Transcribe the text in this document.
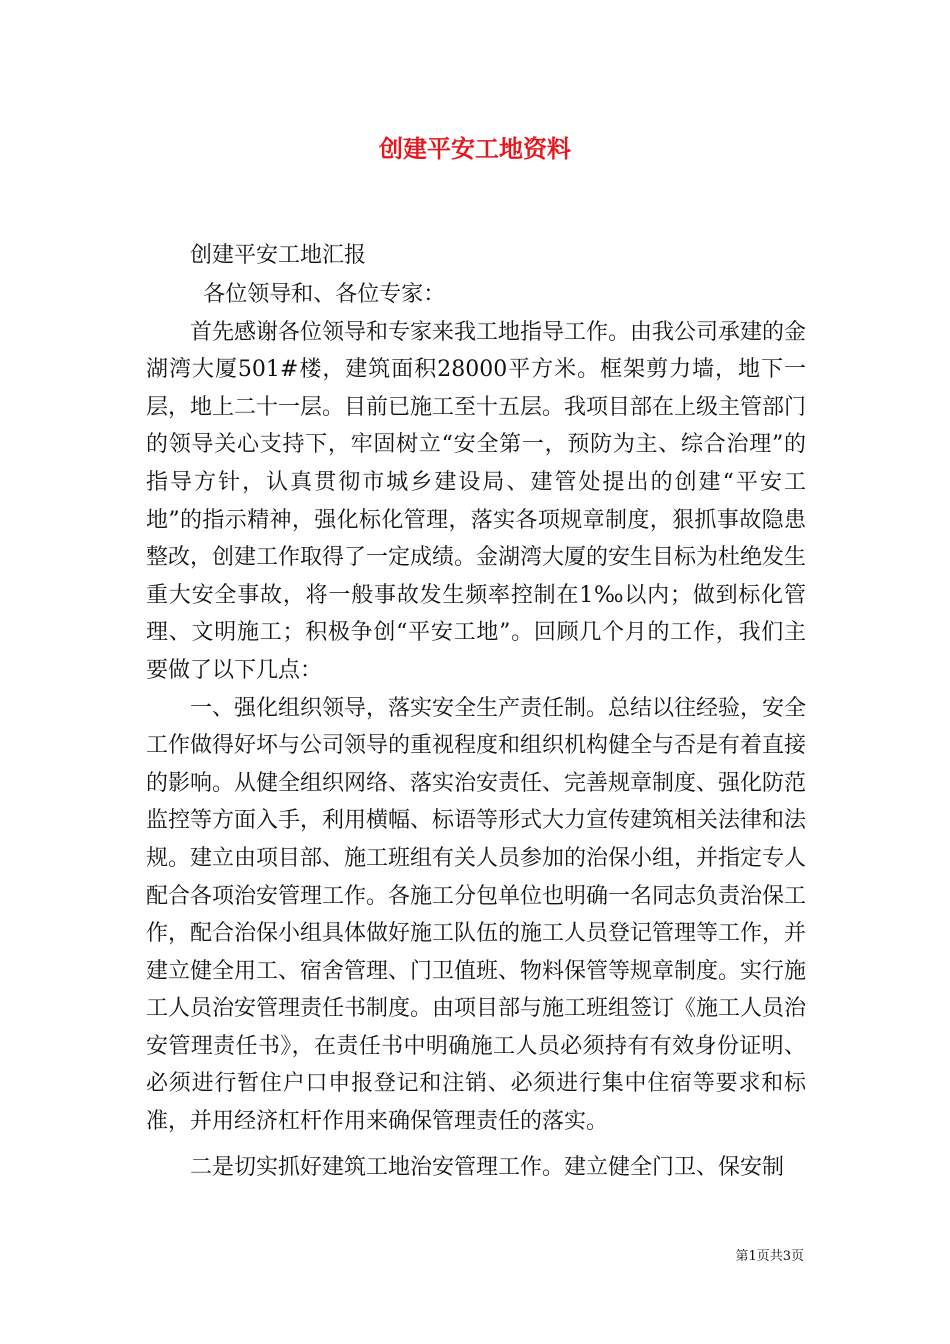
创建平安工地资料
创建平安工地汇报

各位领导和、各位专家：

首先感谢各位领导和专家来我工地指导工作。由我公司承建的金湖湾大厦501#楼，建筑面积28000平方米。框架剪力墙，地下一层，地上二十一层。目前已施工至十五层。我项目部在上级主管部门的领导关心支持下，牢固树立“安全第一，预防为主、综合治理”的指导方针，认真贯彻市城乡建设局、建管处提出的创建“平安工地”的指示精神，强化标化管理，落实各项规章制度，狠抓事故隐患整改，创建工作取得了一定成绩。金湖湾大厦的安生目标为杜绝发生重大安全事故，将一般事故发生频率控制在1‰以内；做到标化管理、文明施工；积极争创“平安工地”。回顾几个月的工作，我们主要做了以下几点：

一、强化组织领导，落实安全生产责任制。总结以往经验，安全工作做得好坏与公司领导的重视程度和组织机构健全与否是有着直接的影响。从健全组织网络、落实治安责任、完善规章制度、强化防范监控等方面入手，利用横幅、标语等形式大力宣传建筑相关法律和法规。建立由项目部、施工班组有关人员参加的治保小组，并指定专人配合各项治安管理工作。各施工分包单位也明确一名同志负责治保工作，配合治保小组具体做好施工队伍的施工人员登记管理等工作，并建立健全用工、宿舍管理、门卫值班、物料保管等规章制度。实行施工人员治安管理责任书制度。由项目部与施工班组签订《施工人员治安管理责任书》，在责任书中明确施工人员必须持有有效身份证明、必须进行暂住户口申报登记和注销、必须进行集中住宿等要求和标准，并用经济杠杆作用来确保管理责任的落实。

二是切实抓好建筑工地治安管理工作。建立健全门卫、保安制

第1页共3页
